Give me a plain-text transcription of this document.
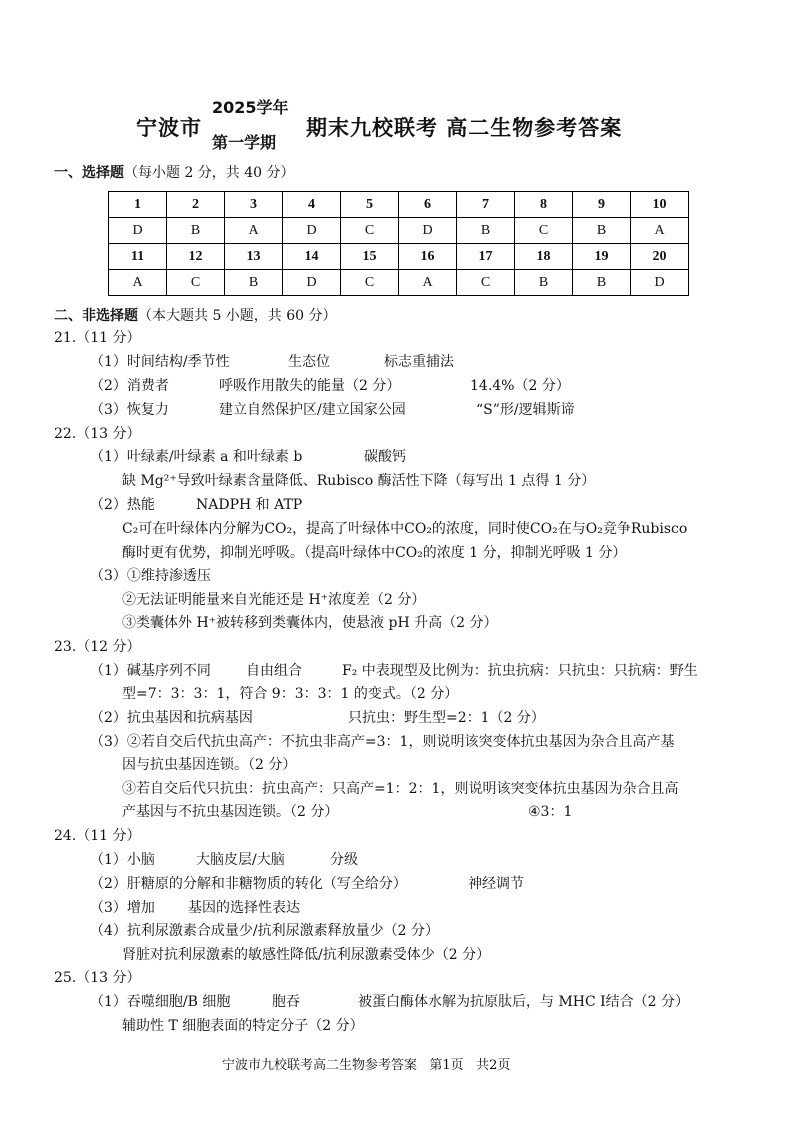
宁波市
2025学年
第一学期
期末九校联考 高二生物参考答案
一、选择题（每小题 2 分，共 40 分）
1	2	3	4	5	6	7	8	9	10
D	B	A	D	C	D	B	C	B	A
11	12	13	14	15	16	17	18	19	20
A	C	B	D	C	A	C	B	B	D
二、非选择题（本大题共 5 小题，共 60 分）
21.（11 分）
（1）时间结构/季节性	生态位	标志重捕法
（2）消费者	呼吸作用散失的能量（2 分）	14.4%（2 分）
（3）恢复力	建立自然保护区/建立国家公园	“S”形/逻辑斯谛
22.（13 分）
（1）叶绿素/叶绿素 a 和叶绿素 b	碳酸钙
缺 Mg²⁺导致叶绿素含量降低、Rubisco 酶活性下降（每写出 1 点得 1 分）
（2）热能	NADPH 和 ATP
C₂可在叶绿体内分解为CO₂，提高了叶绿体中CO₂的浓度，同时使CO₂在与O₂竞争Rubisco
酶时更有优势，抑制光呼吸。（提高叶绿体中CO₂的浓度 1 分，抑制光呼吸 1 分）
（3）①维持渗透压
②无法证明能量来自光能还是 H⁺浓度差（2 分）
③类囊体外 H⁺被转移到类囊体内，使悬液 pH 升高（2 分）
23.（12 分）
（1）碱基序列不同	自由组合	F₂ 中表现型及比例为：抗虫抗病：只抗虫：只抗病：野生
型=7：3：3：1，符合 9：3：3：1 的变式。（2 分）
（2）抗虫基因和抗病基因	只抗虫：野生型=2：1（2 分）
（3）②若自交后代抗虫高产：不抗虫非高产=3：1，则说明该突变体抗虫基因为杂合且高产基
因与抗虫基因连锁。（2 分）
③若自交后代只抗虫：抗虫高产：只高产=1：2：1，则说明该突变体抗虫基因为杂合且高
产基因与不抗虫基因连锁。（2 分）	④3：1
24.（11 分）
（1）小脑	大脑皮层/大脑	分级
（2）肝糖原的分解和非糖物质的转化（写全给分）	神经调节
（3）增加 基因的选择性表达
（4）抗利尿激素合成量少/抗利尿激素释放量少（2 分）
肾脏对抗利尿激素的敏感性降低/抗利尿激素受体少（2 分）
25.（13 分）
（1）吞噬细胞/B 细胞	胞吞	被蛋白酶体水解为抗原肽后，与 MHC I结合（2 分）
辅助性 T 细胞表面的特定分子（2 分）
宁波市九校联考高二生物参考答案   第1页   共2页
